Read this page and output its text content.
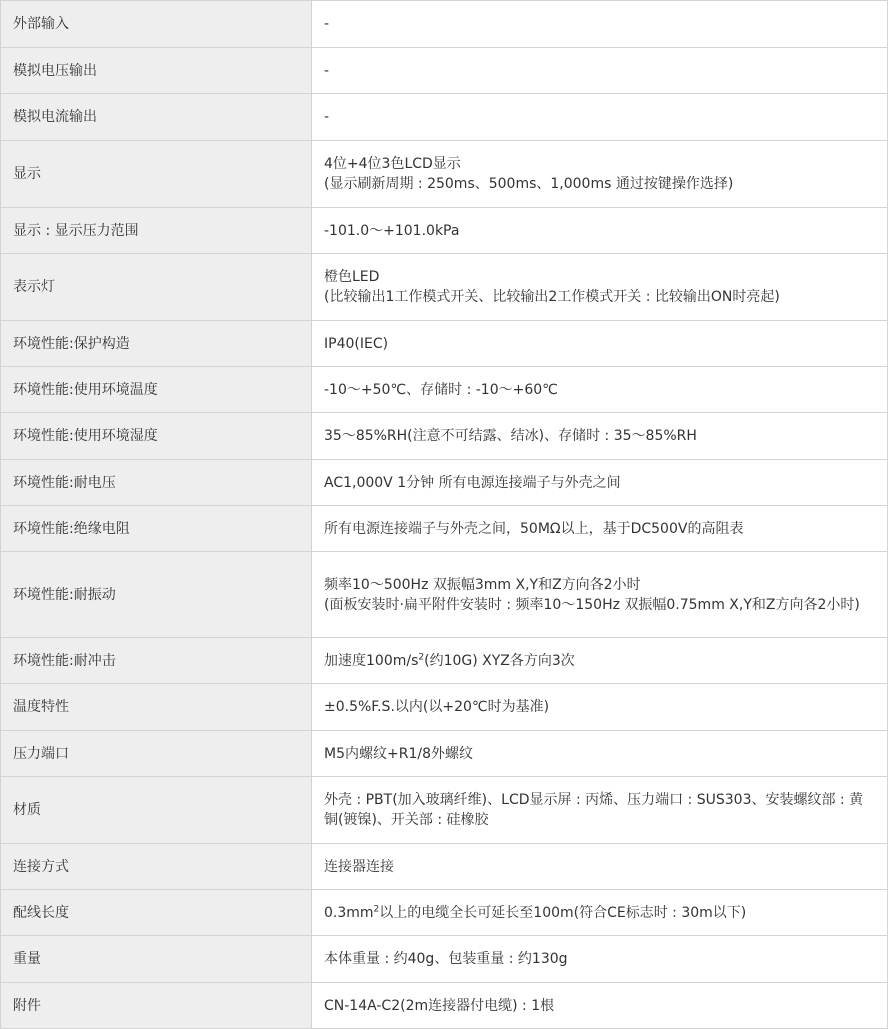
外部输入	-
模拟电压输出	-
模拟电流输出	-
显示	4位+4位3色LCD显示
(显示刷新周期 : 250ms、500ms、1,000ms 通过按键操作选择)
显示 : 显示压力范围	-101.0～+101.0kPa
表示灯	橙色LED
(比较输出1工作模式开关、比较输出2工作模式开关 : 比较输出ON时亮起)
环境性能:保护构造	IP40(IEC)
环境性能:使用环境温度	-10～+50℃、存储时 : -10～+60℃
环境性能:使用环境湿度	35～85%RH(注意不可结露、结冰)、存储时 : 35～85%RH
环境性能:耐电压	AC1,000V 1分钟 所有电源连接端子与外壳之间
环境性能:绝缘电阻	所有电源连接端子与外壳之间，50MΩ以上，基于DC500V的高阻表
环境性能:耐振动	频率10～500Hz 双振幅3mm X,Y和Z方向各2小时
(面板安装时·扁平附件安装时 : 频率10～150Hz 双振幅0.75mm X,Y和Z方向各2小时)
环境性能:耐冲击	加速度$100m/s^2$(约10G) XYZ各方向3次
温度特性	±0.5%F.S.以内(以+20℃时为基准)
压力端口	M5内螺纹+R1/8外螺纹
材质	外壳 : PBT(加入玻璃纤维)、LCD显示屏 : 丙烯、压力端口 : SUS303、安装螺纹部 : 黄铜(镀镍)、开关部 : 硅橡胶
连接方式	连接器连接
配线长度	$0.3mm^2$以上的电缆全长可延长至100m(符合CE标志时 : 30m以下)
重量	本体重量 : 约40g、包装重量 : 约130g
附件	CN-14A-C2(2m连接器付电缆) : 1根
